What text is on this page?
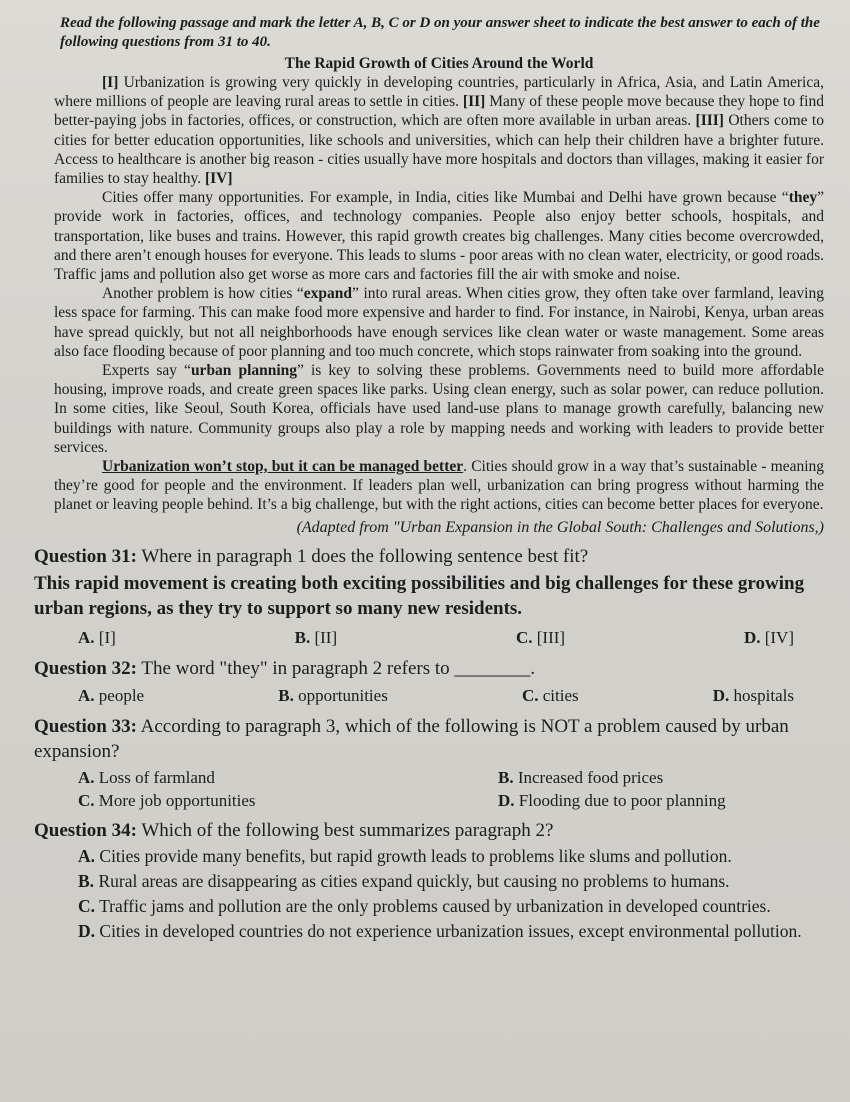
Read the following passage and mark the letter A, B, C or D on your answer sheet to indicate the best answer to each of the following questions from 31 to 40.

The Rapid Growth of Cities Around the World

[I] Urbanization is growing very quickly in developing countries, particularly in Africa, Asia, and Latin America, where millions of people are leaving rural areas to settle in cities. [II] Many of these people move because they hope to find better-paying jobs in factories, offices, or construction, which are often more available in urban areas. [III] Others come to cities for better education opportunities, like schools and universities, which can help their children have a brighter future. Access to healthcare is another big reason - cities usually have more hospitals and doctors than villages, making it easier for families to stay healthy. [IV]

Cities offer many opportunities. For example, in India, cities like Mumbai and Delhi have grown because “they” provide work in factories, offices, and technology companies. People also enjoy better schools, hospitals, and transportation, like buses and trains. However, this rapid growth creates big challenges. Many cities become overcrowded, and there aren’t enough houses for everyone. This leads to slums - poor areas with no clean water, electricity, or good roads. Traffic jams and pollution also get worse as more cars and factories fill the air with smoke and noise.

Another problem is how cities “expand” into rural areas. When cities grow, they often take over farmland, leaving less space for farming. This can make food more expensive and harder to find. For instance, in Nairobi, Kenya, urban areas have spread quickly, but not all neighborhoods have enough services like clean water or waste management. Some areas also face flooding because of poor planning and too much concrete, which stops rainwater from soaking into the ground.

Experts say “urban planning” is key to solving these problems. Governments need to build more affordable housing, improve roads, and create green spaces like parks. Using clean energy, such as solar power, can reduce pollution. In some cities, like Seoul, South Korea, officials have used land-use plans to manage growth carefully, balancing new buildings with nature. Community groups also play a role by mapping needs and working with leaders to provide better services.

Urbanization won’t stop, but it can be managed better. Cities should grow in a way that’s sustainable - meaning they’re good for people and the environment. If leaders plan well, urbanization can bring progress without harming the planet or leaving people behind. It’s a big challenge, but with the right actions, cities can become better places for everyone.

(Adapted from "Urban Expansion in the Global South: Challenges and Solutions,)

Question 31: Where in paragraph 1 does the following sentence best fit?

This rapid movement is creating both exciting possibilities and big challenges for these growing urban regions, as they try to support so many new residents.

A. [I]	B. [II]	C. [III]	D. [IV]
Question 32: The word "they" in paragraph 2 refers to ________.
A. people	B. opportunities	C. cities	D. hospitals
Question 33: According to paragraph 3, which of the following is NOT a problem caused by urban expansion?
A. Loss of farmland	B. Increased food prices
C. More job opportunities	D. Flooding due to poor planning
Question 34: Which of the following best summarizes paragraph 2?
A. Cities provide many benefits, but rapid growth leads to problems like slums and pollution.
B. Rural areas are disappearing as cities expand quickly, but causing no problems to humans.
C. Traffic jams and pollution are the only problems caused by urbanization in developed countries.
D. Cities in developed countries do not experience urbanization issues, except environmental pollution.
